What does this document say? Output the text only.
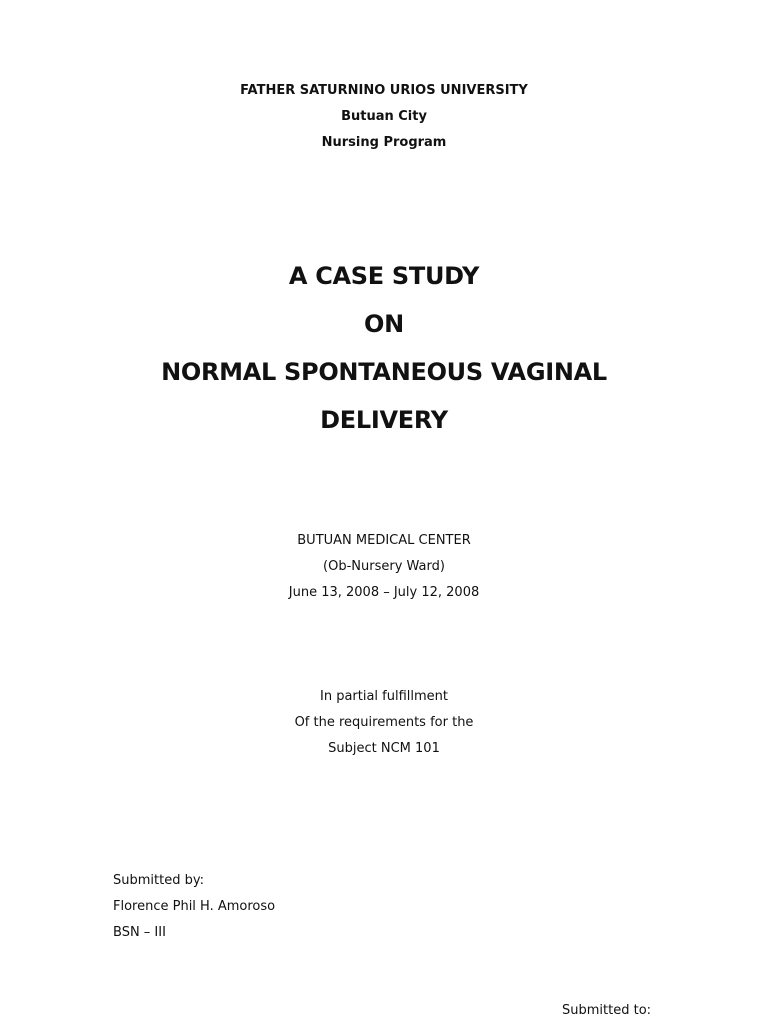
FATHER SATURNINO URIOS UNIVERSITY
Butuan City
Nursing Program
A CASE STUDY
ON
NORMAL SPONTANEOUS VAGINAL
DELIVERY
BUTUAN MEDICAL CENTER
(Ob-Nursery Ward)
June 13, 2008 – July 12, 2008
In partial fulfillment
Of the requirements for the
Subject NCM 101
Submitted by:
Florence Phil H. Amoroso
BSN – III
Submitted to:
